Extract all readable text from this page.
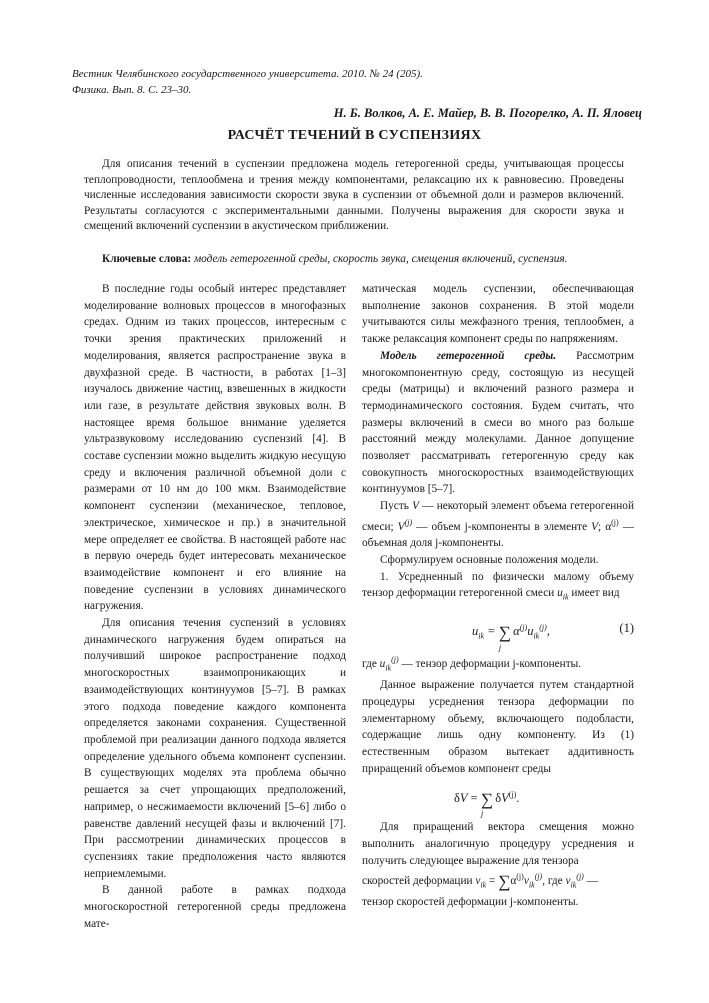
Вестник Челябинского государственного университета. 2010. № 24 (205).
Физика. Вып. 8. С. 23–30.
Н. Б. Волков, А. Е. Майер, В. В. Погорелко, А. П. Яловец
РАСЧЁТ ТЕЧЕНИЙ В СУСПЕНЗИЯХ
Для описания течений в суспензии предложена модель гетерогенной среды, учитывающая процессы теплопроводности, теплообмена и трения между компонентами, релаксацию их к равновесию. Проведены численные исследования зависимости скорости звука в суспензии от объемной доли и размеров включений. Результаты согласуются с экспериментальными данными. Получены выражения для скорости звука и смещений включений суспензии в акустическом приближении.
Ключевые слова: модель гетерогенной среды, скорость звука, смещения включений, суспензия.

В последние годы особый интерес представляет моделирование волновых процессов в многофазных средах. Одним из таких процессов, интересным с точки зрения практических приложений и моделирования, является распространение звука в двухфазной среде. В частности, в работах [1–3] изучалось движение частиц, взвешенных в жидкости или газе, в результате действия звуковых волн. В настоящее время большое внимание уделяется ультразвуковому исследованию суспензий [4]. В составе суспензии можно выделить жидкую несущую среду и включения различной объемной доли с размерами от 10 нм до 100 мкм. Взаимодействие компонент суспензии (механическое, тепловое, электрическое, химическое и пр.) в значительной мере определяет ее свойства. В настоящей работе нас в первую очередь будет интересовать механическое взаимодействие компонент и его влияние на поведение суспензии в условиях динамического нагружения.

Для описания течения суспензий в условиях динамического нагружения будем опираться на получивший широкое распространение подход многоскоростных взаимопроникающих и взаимодействующих континуумов [5–7]. В рамках этого подхода поведение каждого компонента определяется законами сохранения. Существенной проблемой при реализации данного подхода является определение удельного объема компонент суспензии. В существующих моделях эта проблема обычно решается за счет упрощающих предположений, например, о несжимаемости включений [5–6] либо о равенстве давлений несущей фазы и включений [7]. При рассмотрении динамических процессов в суспензиях такие предположения часто являются неприемлемыми.

В данной работе в рамках подхода многоскоростной гетерогенной среды предложена мате-

матическая модель суспензии, обеспечивающая выполнение законов сохранения. В этой модели учитываются силы межфазного трения, теплообмен, а также релаксация компонент среды по напряжениям.

Модель гетерогенной среды. Рассмотрим многокомпонентную среду, состоящую из несущей среды (матрицы) и включений разного размера и термодинамического состояния. Будем считать, что размеры включений в смеси во много раз больше расстояний между молекулами. Данное допущение позволяет рассматривать гетерогенную среду как совокупность многоскоростных взаимодействующих континуумов [5–7].

Пусть V — некоторый элемент объема гетерогенной смеси; $V^{(j)}$ — объем j-компоненты в элементе V; $\alpha^{(j)}$ — объемная доля j-компоненты.

Сформулируем основные положения модели.

1. Усредненный по физически малому объему тензор деформации гетерогенной смеси $u_{ik}$ имеет вид

$u_{ik} = \sum_j\alpha^{(j)}u_{ik}^{(j)}$,	(1)

где $u_{ik}^{(j)}$ — тензор деформации j-компоненты.

Данное выражение получается путем стандартной процедуры усреднения тензора деформации по элементарному объему, включающего подобласти, содержащие лишь одну компоненту. Из (1) естественным образом вытекает аддитивность приращений объемов компонент среды

$\delta V = \sum_j\delta V^{(j)}$.

Для приращений вектора смещения можно выполнить аналогичную процедуру усреднения и получить следующее выражение для тензора

скоростей деформации $v_{ik} = \sum\alpha^{(j)}v_{ik}^{(j)}$, где $v_{ik}^{(j)}$ —

тензор скоростей деформации j-компоненты.
